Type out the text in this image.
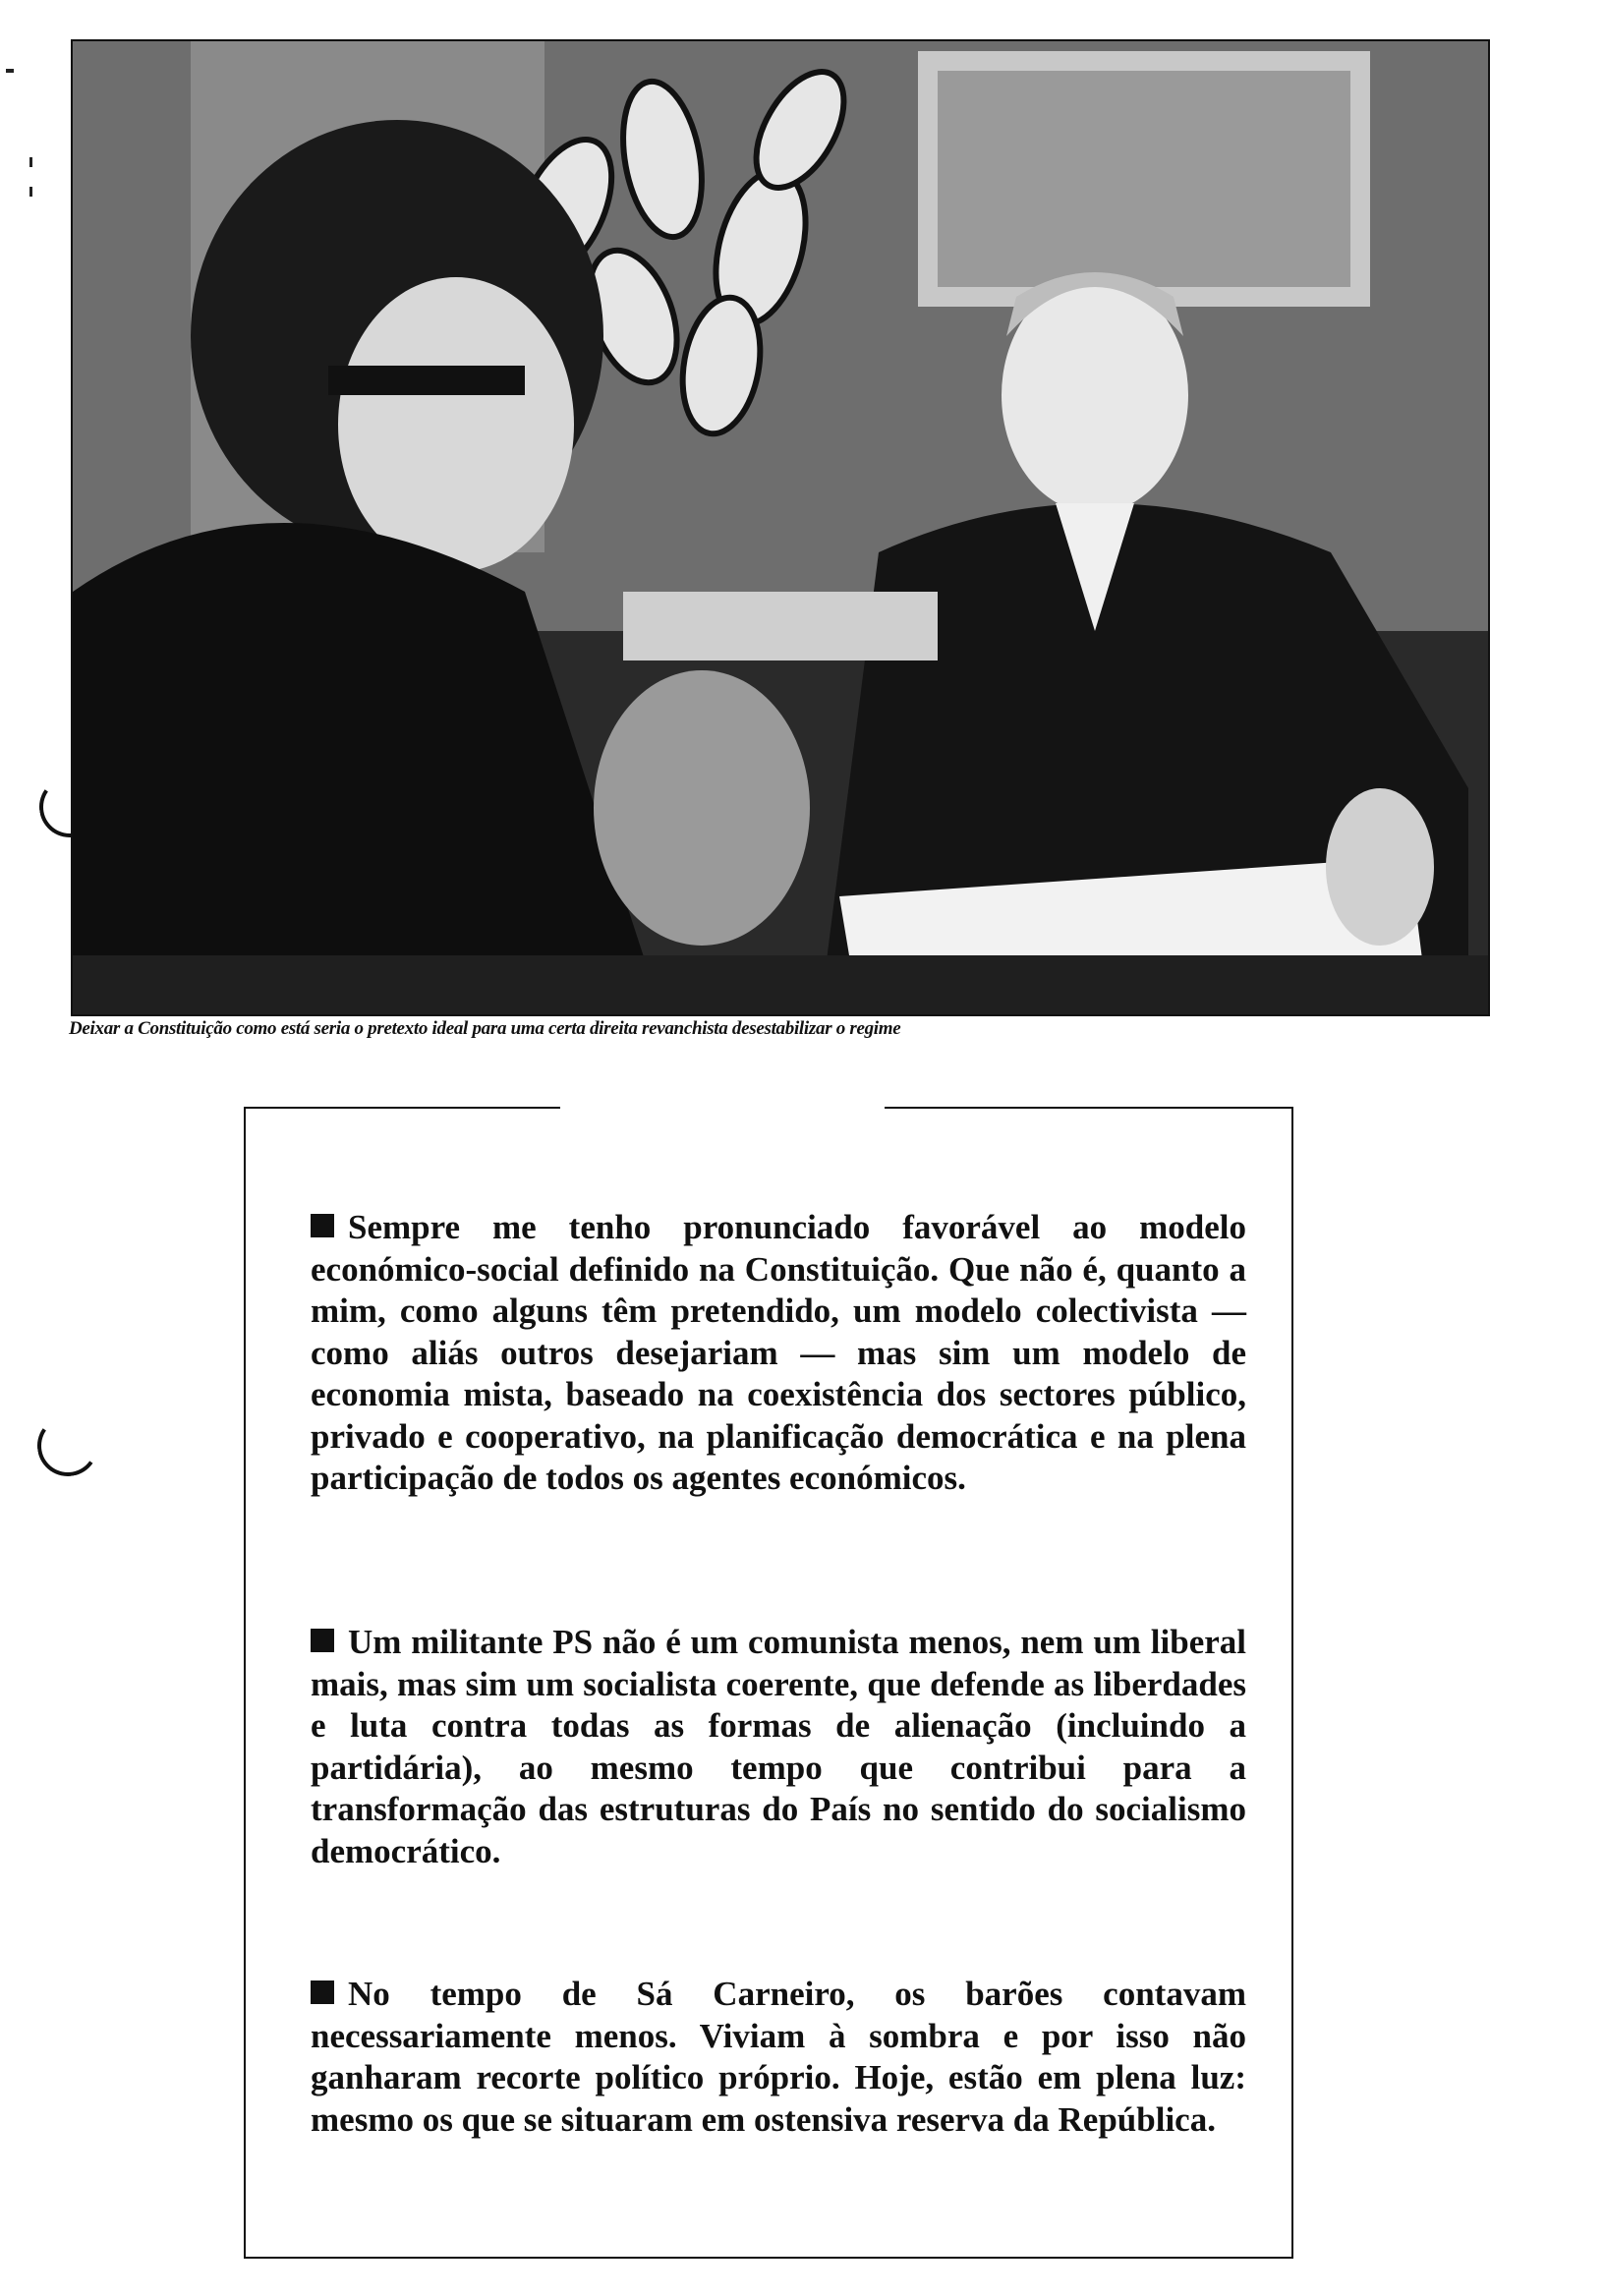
Deixar a Constituição como está seria o pretexto ideal para uma certa direita revanchista desestabilizar o regime
Sempre me tenho pronunciado favorável ao modelo económico-social definido na Constituição. Que não é, quanto a mim, como alguns têm pretendido, um modelo colectivista — como aliás outros desejariam — mas sim um modelo de economia mista, baseado na coexistência dos sectores público, privado e cooperativo, na planificação democrática e na plena participação de todos os agentes económicos.
Um militante PS não é um comunista menos, nem um liberal mais, mas sim um socialista coerente, que defende as liberdades e luta contra todas as formas de alienação (incluindo a partidária), ao mesmo tempo que contribui para a transformação das estruturas do País no sentido do socialismo democrático.
No tempo de Sá Carneiro, os barões contavam necessariamente menos. Viviam à sombra e por isso não ganharam recorte político próprio. Hoje, estão em plena luz: mesmo os que se situaram em ostensiva reserva da República.
